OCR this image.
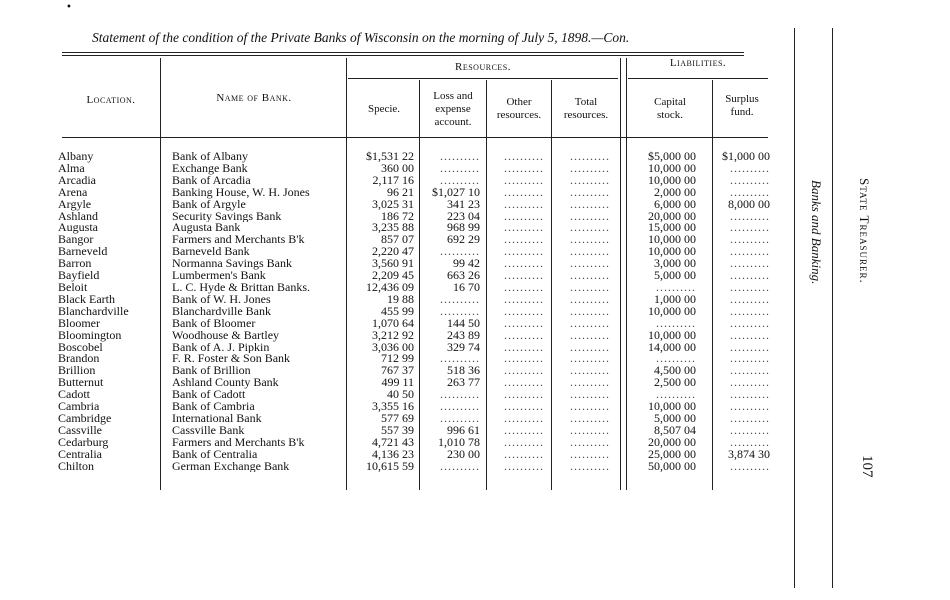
•
Statement of the condition of the Private Banks of Wisconsin on the morning of July 5, 1898.—Con.
Location.	Name of Bank.
Resources.	Liabilities.
Specie.
Loss and
expense
account.
Other
resources.
Total
resources.
Capital
stock.
Surplus
fund.
Albany	Bank of Albany	$1,531 22	..........	..........	..........	$5,000 00	$1,000 00
Alma	Exchange Bank	360 00	..........	..........	..........	10,000 00	..........
Arcadia	Bank of Arcadia	2,117 16	..........	..........	..........	10,000 00	..........
Arena	Banking House, W. H. Jones	96 21	$1,027 10	..........	..........	2,000 00	..........
Argyle	Bank of Argyle	3,025 31	341 23	..........	..........	6,000 00	8,000 00
Ashland	Security Savings Bank	186 72	223 04	..........	..........	20,000 00	..........
Augusta	Augusta Bank	3,235 88	968 99	..........	..........	15,000 00	..........
Bangor	Farmers and Merchants B'k	857 07	692 29	..........	..........	10,000 00	..........
Barneveld	Barneveld Bank	2,220 47	..........	..........	..........	10,000 00	..........
Barron	Normanna Savings Bank	3,560 91	99 42	..........	..........	3,000 00	..........
Bayfield	Lumbermen's Bank	2,209 45	663 26	..........	..........	5,000 00	..........
Beloit	L. C. Hyde & Brittan Banks.	12,436 09	16 70	..........	..........	..........	..........
Black Earth	Bank of W. H. Jones	19 88	..........	..........	..........	1,000 00	..........
Blanchardville	Blanchardville Bank	455 99	..........	..........	..........	10,000 00	..........
Bloomer	Bank of Bloomer	1,070 64	144 50	..........	..........	..........	..........
Bloomington	Woodhouse & Bartley	3,212 92	243 89	..........	..........	10,000 00	..........
Boscobel	Bank of A. J. Pipkin	3,036 00	329 74	..........	..........	14,000 00	..........
Brandon	F. R. Foster & Son Bank	712 99	..........	..........	..........	..........	..........
Brillion	Bank of Brillion	767 37	518 36	..........	..........	4,500 00	..........
Butternut	Ashland County Bank	499 11	263 77	..........	..........	2,500 00	..........
Cadott	Bank of Cadott	40 50	..........	..........	..........	..........	..........
Cambria	Bank of Cambria	3,355 16	..........	..........	..........	10,000 00	..........
Cambridge	International Bank	577 69	..........	..........	..........	5,000 00	..........
Cassville	Cassville Bank	557 39	996 61	..........	..........	8,507 04	..........
Cedarburg	Farmers and Merchants B'k	4,721 43	1,010 78	..........	..........	20,000 00	..........
Centralia	Bank of Centralia	4,136 23	230 00	..........	..........	25,000 00	3,874 30
Chilton	German Exchange Bank	10,615 59	..........	..........	..........	50,000 00	..........
Banks and Banking.	State Treasurer.
107
